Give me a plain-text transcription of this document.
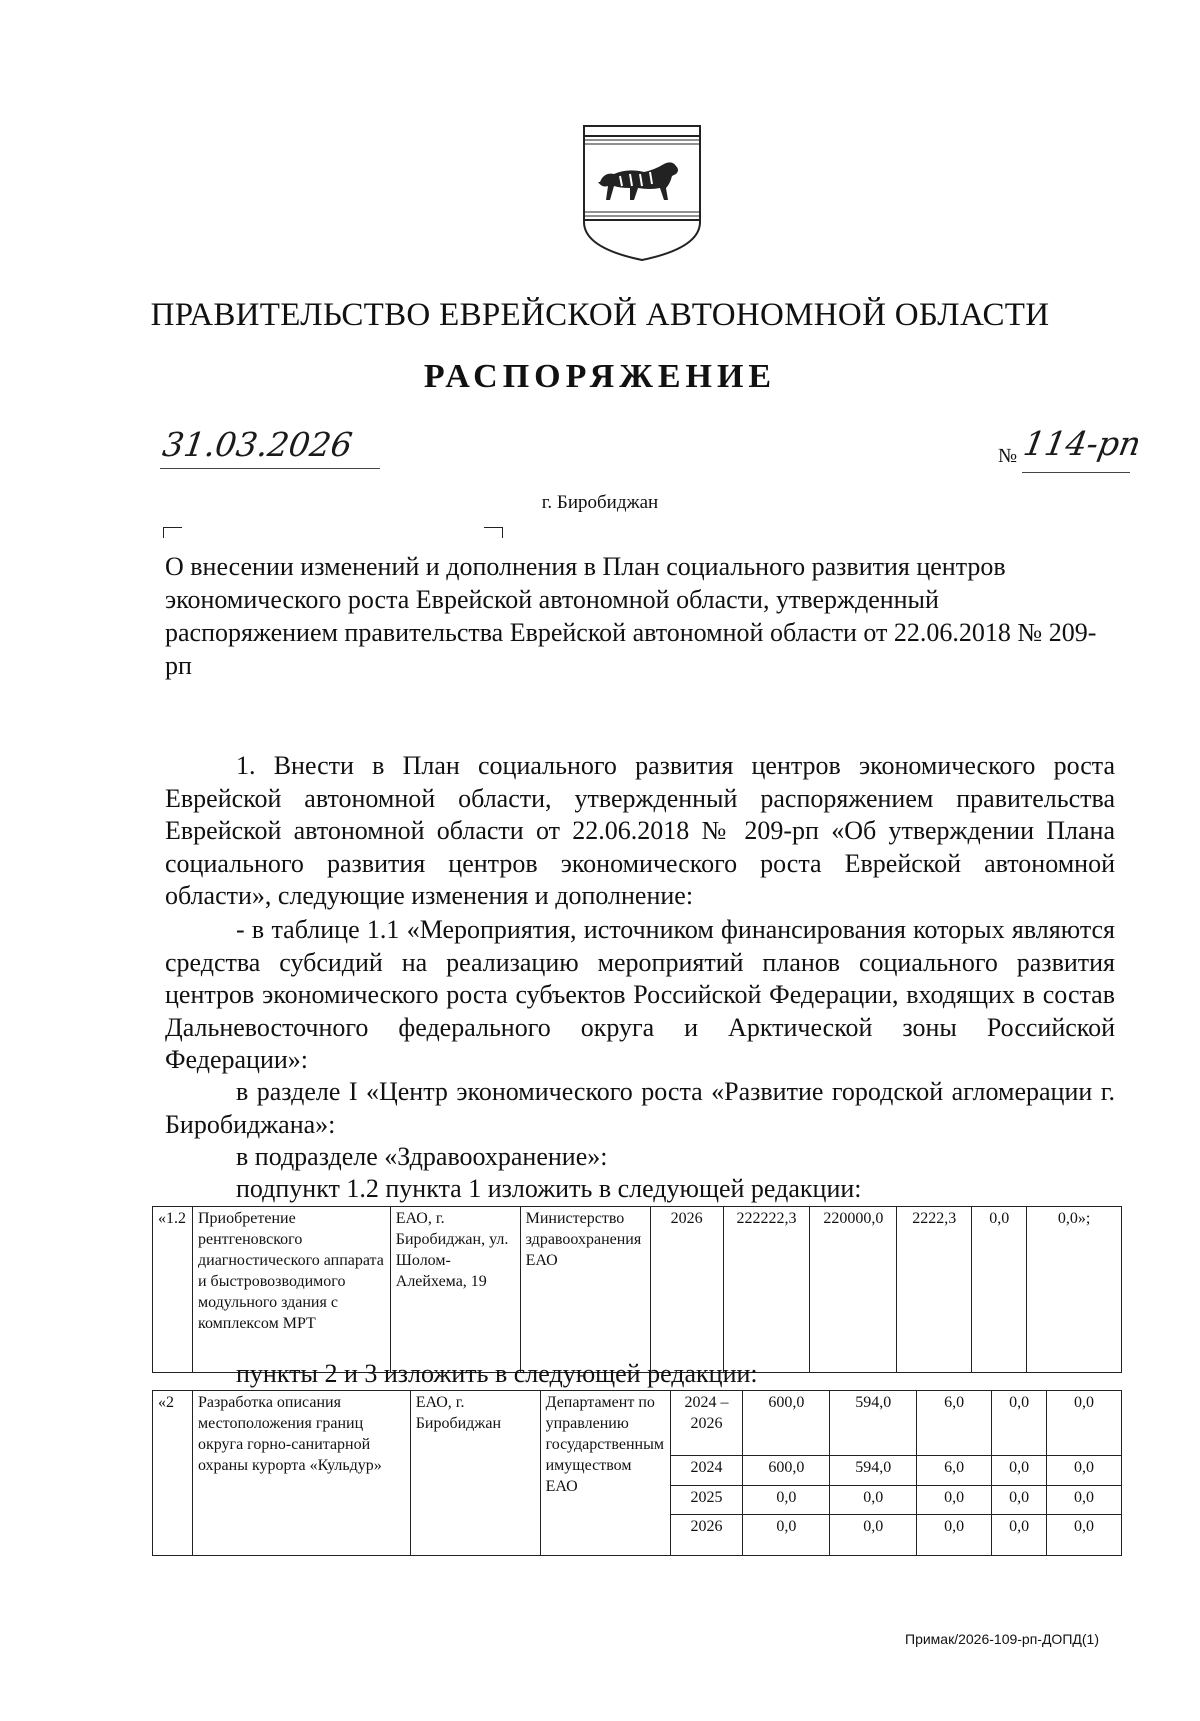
ПРАВИТЕЛЬСТВО ЕВРЕЙСКОЙ АВТОНОМНОЙ ОБЛАСТИ
РАСПОРЯЖЕНИЕ
31.03.2026	№ 114-рп
г. Биробиджан
О внесении изменений и дополнения в План социального развития центров экономического роста Еврейской автономной области, утвержденный распоряжением правительства Еврейской автономной области от 22.06.2018 № 209-рп
1. Внести в План социального развития центров экономического роста Еврейской автономной области, утвержденный распоряжением правительства Еврейской автономной области от 22.06.2018 № 209-рп «Об утверждении Плана социального развития центров экономического роста Еврейской автономной области», следующие изменения и дополнение:
- в таблице 1.1 «Мероприятия, источником финансирования которых являются средства субсидий на реализацию мероприятий планов социального развития центров экономического роста субъектов Российской Федерации, входящих в состав Дальневосточного федерального округа и Арктической зоны Российской Федерации»:
в разделе I «Центр экономического роста «Развитие городской агломерации г. Биробиджана»:
в подразделе «Здравоохранение»:
подпункт 1.2 пункта 1 изложить в следующей редакции:
«1.2	Приобретение рентгеновского диагностического аппарата и быстровозводимого модульного здания с комплексом МРТ	ЕАО, г. Биробиджан, ул. Шолом-Алейхема, 19	Министерство здравоохранения ЕАО	2026	222222,3	220000,0	2222,3	0,0	0,0»;
пункты 2 и 3 изложить в следующей редакции:
«2	Разработка описания местоположения границ округа горно-санитарной охраны курорта «Кульдур»	ЕАО, г. Биробиджан	Департамент по управлению государственным имуществом ЕАО	2024 – 2026	600,0	594,0	6,0	0,0	0,0
				2024	600,0	594,0	6,0	0,0	0,0
				2025	0,0	0,0	0,0	0,0	0,0
				2026	0,0	0,0	0,0	0,0	0,0
Примак/2026-109-рп-ДОПД(1)
